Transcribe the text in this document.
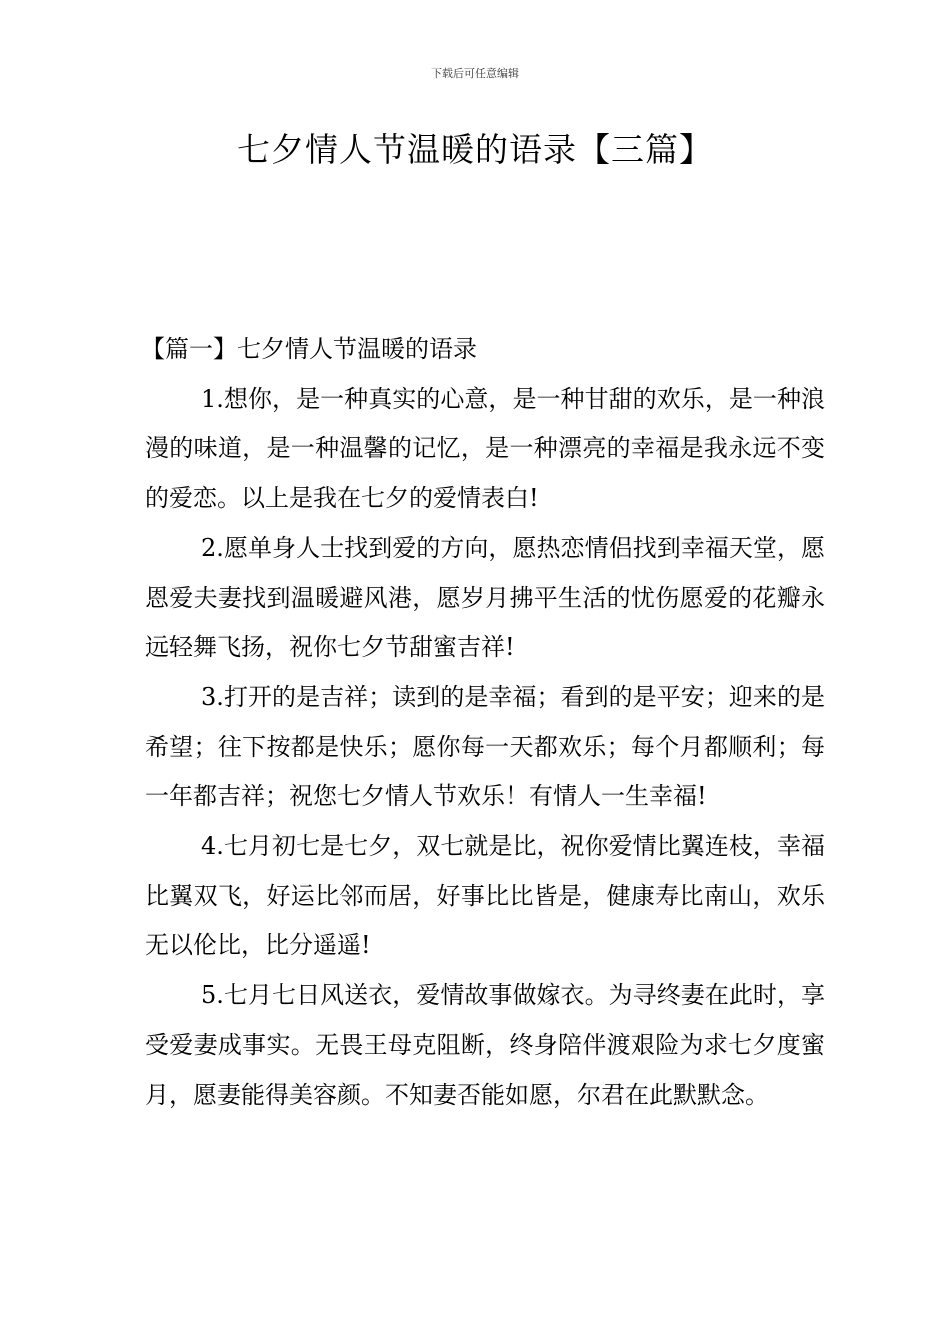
下载后可任意编辑
七夕情人节温暖的语录【三篇】
【篇一】七夕情人节温暖的语录

1.想你，是一种真实的心意，是一种甘甜的欢乐，是一种浪漫的味道，是一种温馨的记忆，是一种漂亮的幸福是我永远不变的爱恋。以上是我在七夕的爱情表白!

2.愿单身人士找到爱的方向，愿热恋情侣找到幸福天堂，愿恩爱夫妻找到温暖避风港，愿岁月拂平生活的忧伤愿爱的花瓣永远轻舞飞扬，祝你七夕节甜蜜吉祥!

3.打开的是吉祥；读到的是幸福；看到的是平安；迎来的是希望；往下按都是快乐；愿你每一天都欢乐；每个月都顺利；每一年都吉祥；祝您七夕情人节欢乐！有情人一生幸福!

4.七月初七是七夕，双七就是比，祝你爱情比翼连枝，幸福比翼双飞，好运比邻而居，好事比比皆是，健康寿比南山，欢乐无以伦比，比分遥遥!

5.七月七日风送衣，爱情故事做嫁衣。为寻终妻在此时，享受爱妻成事实。无畏王母克阻断，终身陪伴渡艰险为求七夕度蜜月，愿妻能得美容颜。不知妻否能如愿，尔君在此默默念。
